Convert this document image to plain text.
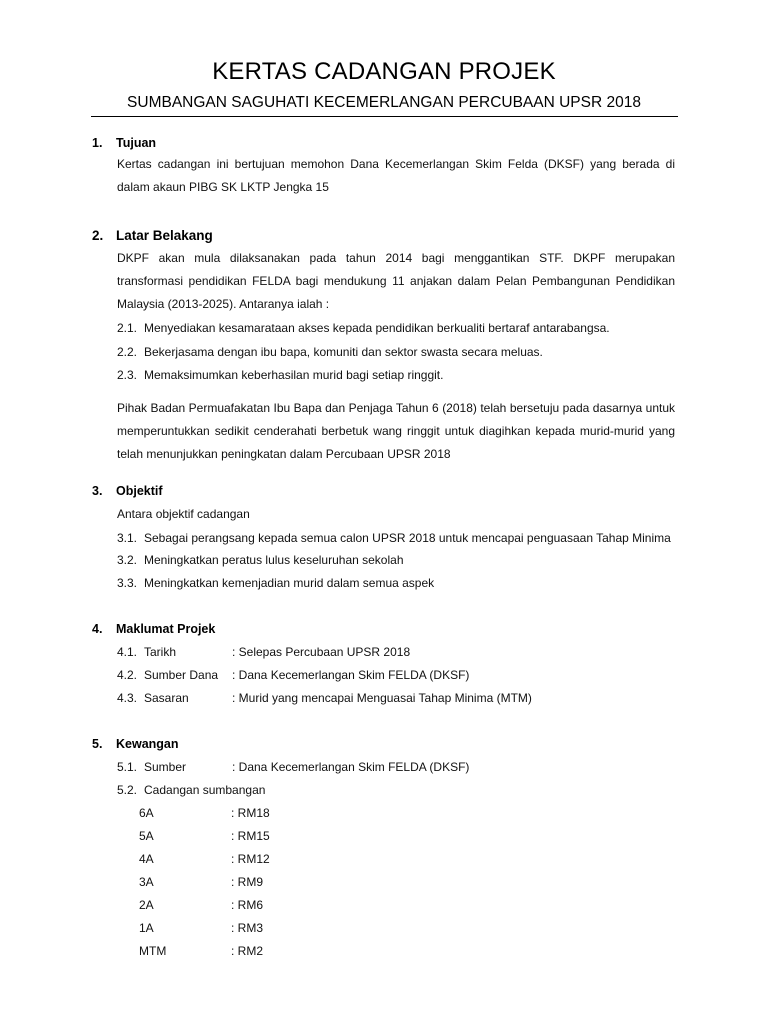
KERTAS CADANGAN PROJEK
SUMBANGAN SAGUHATI KECEMERLANGAN PERCUBAAN UPSR 2018
1. Tujuan
Kertas cadangan ini bertujuan memohon Dana Kecemerlangan Skim Felda (DKSF) yang berada di dalam akaun PIBG SK LKTP Jengka 15
2. Latar Belakang
DKPF akan mula dilaksanakan pada tahun 2014 bagi menggantikan STF. DKPF merupakan transformasi pendidikan FELDA bagi mendukung 11 anjakan dalam Pelan Pembangunan Pendidikan Malaysia (2013-2025). Antaranya ialah :
2.1. Menyediakan kesamarataan akses kepada pendidikan berkualiti bertaraf antarabangsa.
2.2. Bekerjasama dengan ibu bapa, komuniti dan sektor swasta secara meluas.
2.3. Memaksimumkan keberhasilan murid bagi setiap ringgit.
Pihak Badan Permuafakatan Ibu Bapa dan Penjaga Tahun 6 (2018) telah bersetuju pada dasarnya untuk memperuntukkan sedikit cenderahati berbetuk wang ringgit untuk diagihkan kepada murid-murid yang telah menunjukkan peningkatan dalam Percubaan UPSR 2018
3. Objektif
Antara objektif cadangan
3.1. Sebagai perangsang kepada semua calon UPSR 2018 untuk mencapai penguasaan Tahap Minima
3.2. Meningkatkan peratus lulus keseluruhan sekolah
3.3. Meningkatkan kemenjadian murid dalam semua aspek
4. Maklumat Projek
4.1. Tarikh	: Selepas Percubaan UPSR 2018
4.2. Sumber Dana : Dana Kecemerlangan Skim FELDA (DKSF)
4.3. Sasaran	: Murid yang mencapai Menguasai Tahap Minima (MTM)
5. Kewangan
5.1. Sumber	: Dana Kecemerlangan Skim FELDA (DKSF)
5.2. Cadangan sumbangan
6A	: RM18
5A	: RM15
4A	: RM12
3A	: RM9
2A	: RM6
1A	: RM3
MTM	: RM2
